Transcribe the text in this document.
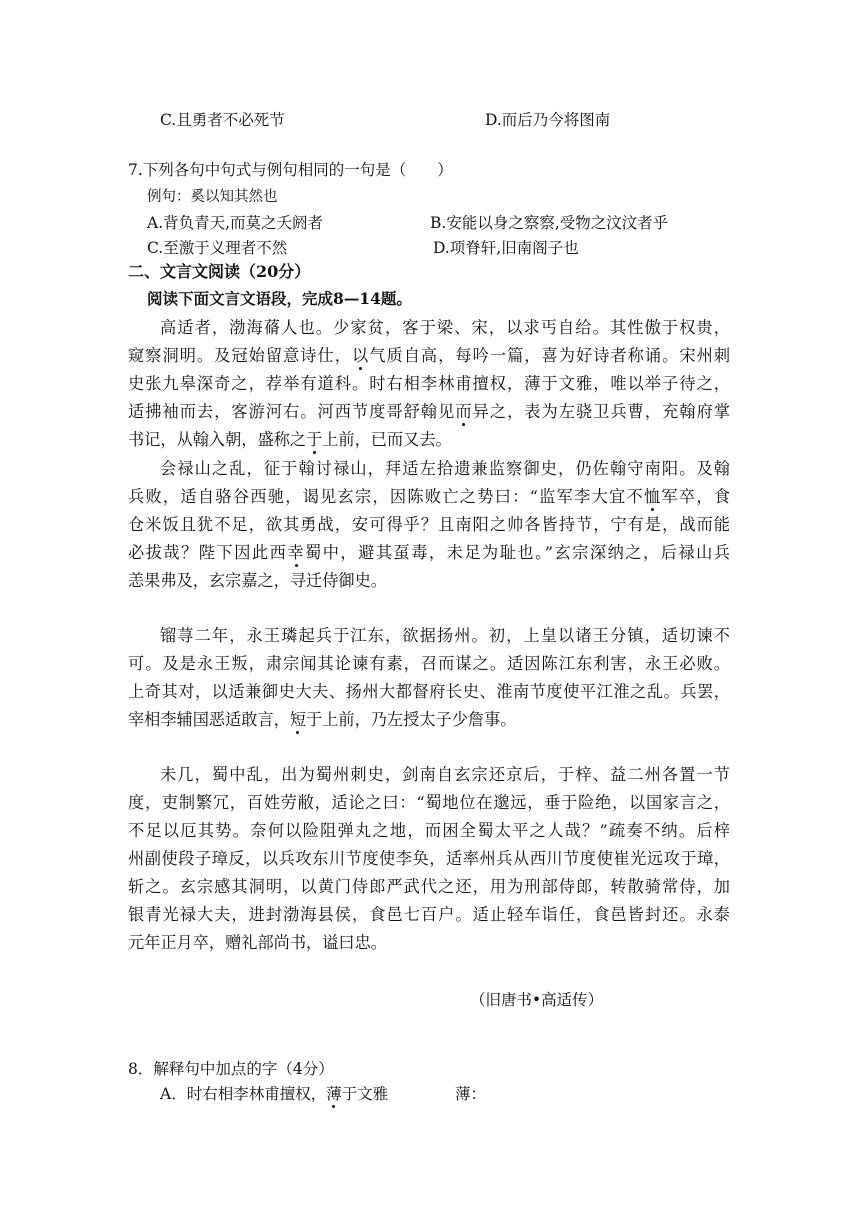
C.且勇者不必死节	D.而后乃今将图南
7.下列各句中句式与例句相同的一句是（　　）
例句：奚以知其然也
A.背负青天,而莫之夭阏者	B.安能以身之察察,受物之汶汶者乎
C.至激于义理者不然	D.项脊轩,旧南阁子也
二、文言文阅读（20分）
阅读下面文言文语段，完成8—14题。
高适者，渤海蓨人也。少家贫，客于梁、宋，以求丐自给。其性傲于权贵，
窥察洞明。及冠始留意诗仕，以气质自高，每吟一篇，喜为好诗者称诵。宋州刺
史张九皋深奇之，荐举有道科。时右相李林甫擅权，薄于文雅，唯以举子待之，
适拂袖而去，客游河右。河西节度哥舒翰见而异之，表为左骁卫兵曹，充翰府掌
书记，从翰入朝，盛称之于上前，已而又去。
会禄山之乱，征于翰讨禄山，拜适左拾遗兼监察御史，仍佐翰守南阳。及翰
兵败，适自骆谷西驰，谒见玄宗，因陈败亡之势曰：“监军李大宜不恤军卒，食
仓米饭且犹不足，欲其勇战，安可得乎？且南阳之帅各皆持节，宁有是，战而能
必拔哉？陛下因此西幸蜀中，避其虿毒，未足为耻也。”玄宗深纳之，后禄山兵
恙果弗及，玄宗嘉之，寻迁侍御史。
镏荨二年，永王璘起兵于江东，欲据扬州。初，上皇以诸王分镇，适切谏不
可。及是永王叛，肃宗闻其论谏有素，召而谋之。适因陈江东利害，永王必败。
上奇其对，以适兼御史大夫、扬州大都督府长史、淮南节度使平江淮之乱。兵罢，
宰相李辅国恶适敢言，短于上前，乃左授太子少詹事。
未几，蜀中乱，出为蜀州刺史，剑南自玄宗还京后，于梓、益二州各置一节
度，吏制繁冗，百姓劳敝，适论之曰：“蜀地位在邈远，垂于险绝，以国家言之，
不足以厄其势。奈何以险阻弹丸之地，而困全蜀太平之人哉？”疏奏不纳。后梓
州副使段子璋反，以兵攻东川节度使李奂，适率州兵从西川节度使崔光远攻于璋，
斩之。玄宗感其洞明，以黄门侍郎严武代之还，用为刑部侍郎，转散骑常侍，加
银青光禄大夫，进封渤海县侯，食邑七百户。适止轻车诣任，食邑皆封还。永泰
元年正月卒，赠礼部尚书，谥曰忠。
（旧唐书•高适传）
8．解释句中加点的字（4分）
A．时右相李林甫擅权，薄于文雅	薄：
